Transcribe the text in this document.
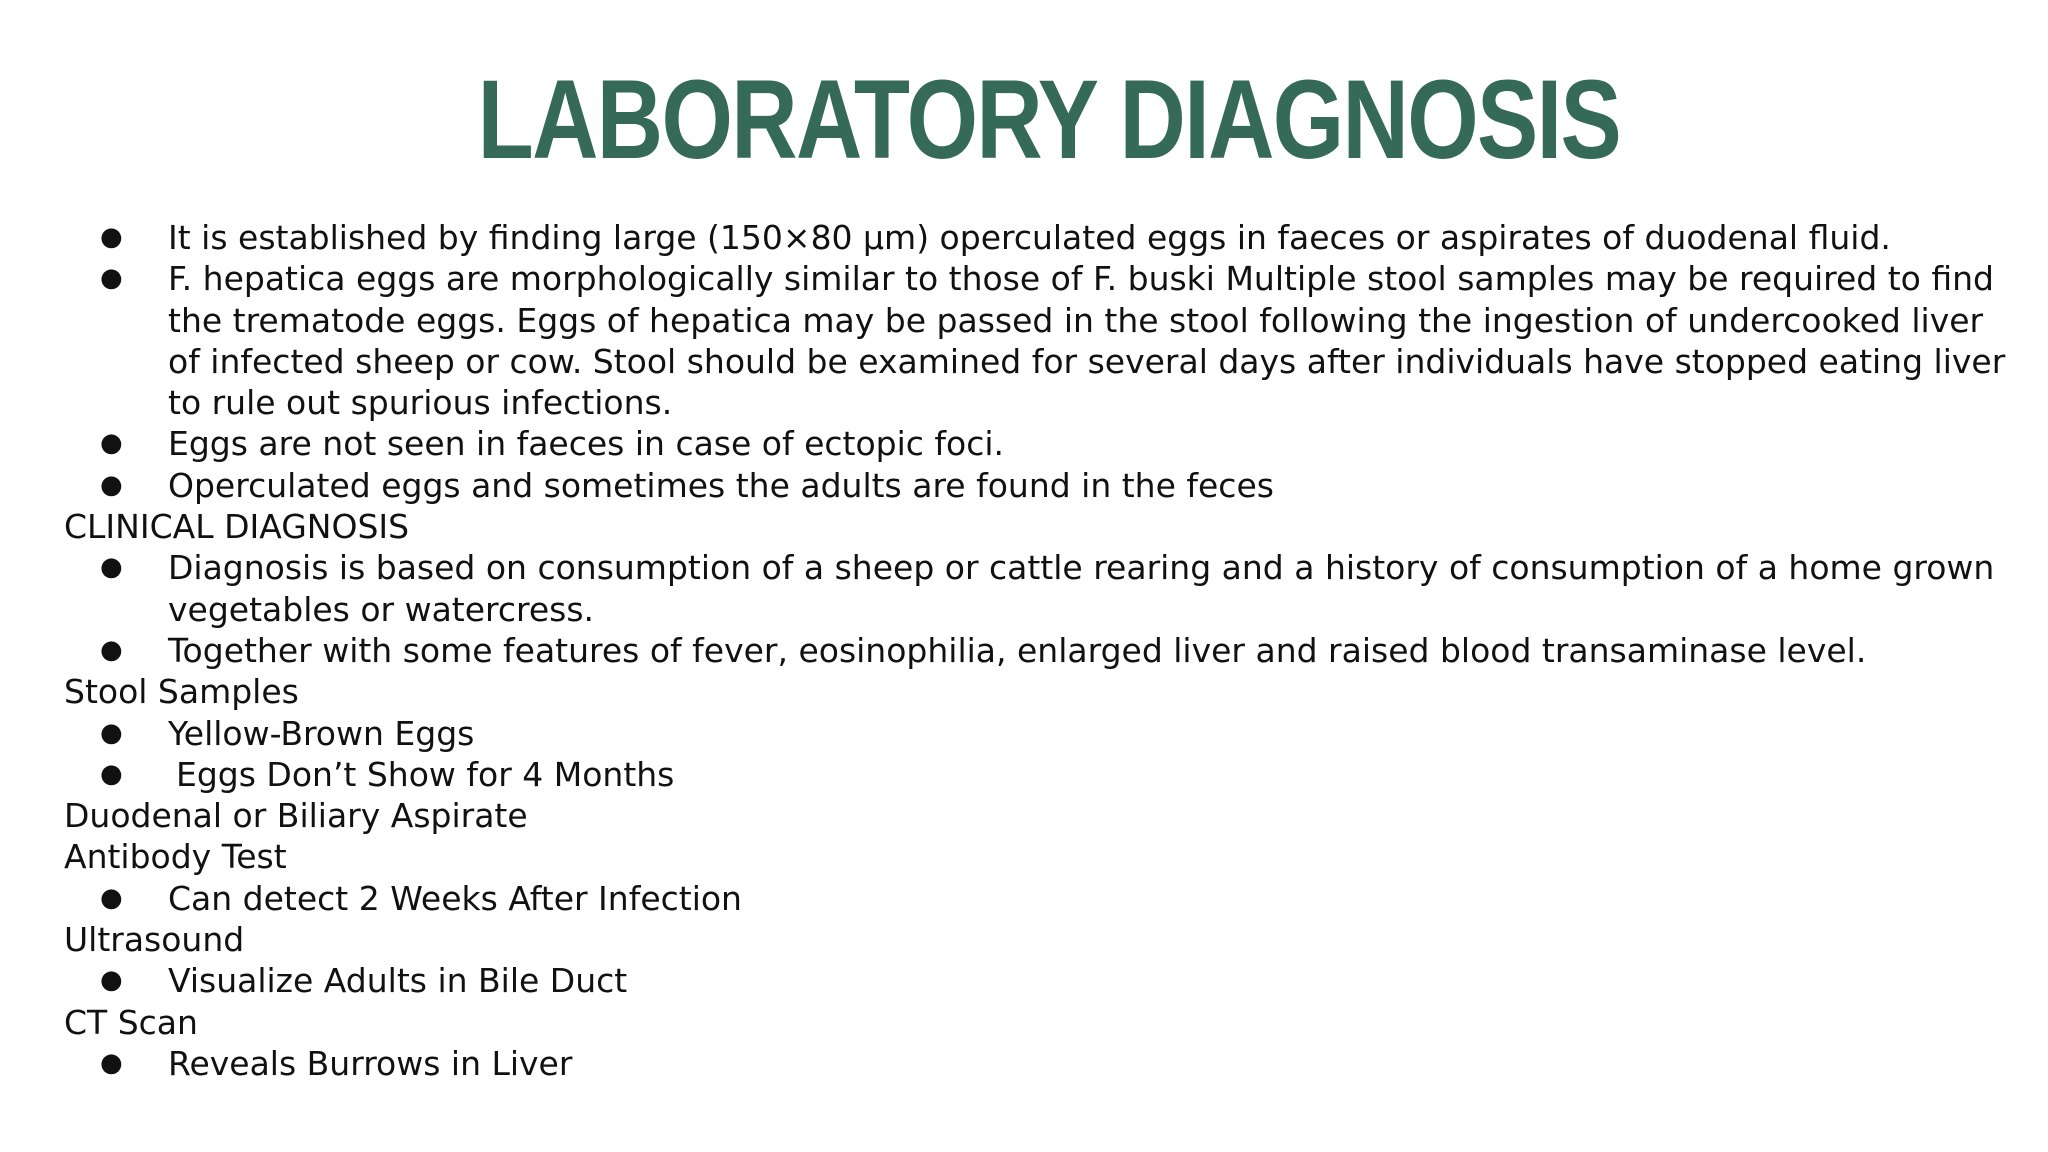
LABORATORY DIAGNOSIS
● It is established by finding large (150×80 μm) operculated eggs in faeces or aspirates of duodenal fluid.
● F. hepatica eggs are morphologically similar to those of F. buski Multiple stool samples may be required to find the trematode eggs. Eggs of hepatica may be passed in the stool following the ingestion of undercooked liver of infected sheep or cow. Stool should be examined for several days after individuals have stopped eating liver to rule out spurious infections.
● Eggs are not seen in faeces in case of ectopic foci.
● Operculated eggs and sometimes the adults are found in the feces

CLINICAL DIAGNOSIS

● Diagnosis is based on consumption of a sheep or cattle rearing and a history of consumption of a home grown vegetables or watercress.
● Together with some features of fever, eosinophilia, enlarged liver and raised blood transaminase level.

Stool Samples

● Yellow-Brown Eggs
● Eggs Don’t Show for 4 Months

Duodenal or Biliary Aspirate

Antibody Test

● Can detect 2 Weeks After Infection

Ultrasound

● Visualize Adults in Bile Duct

CT Scan

● Reveals Burrows in Liver
